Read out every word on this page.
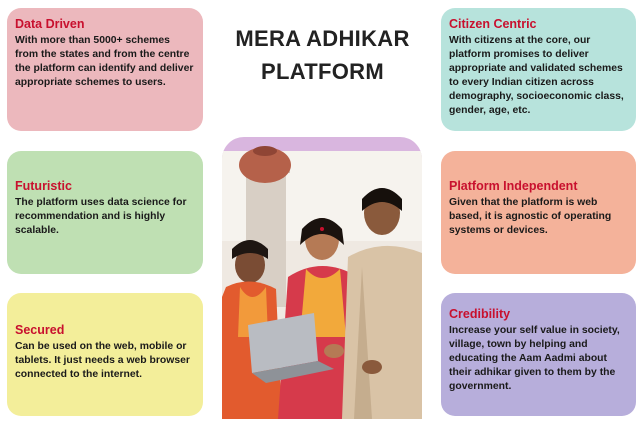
Data Driven
With more than 5000+ schemes from the states and from the centre the platform can identify and deliver appropriate schemes to users.
Futuristic
The platform uses data science for recommendation and is highly scalable.
Secured
Can be used on the web, mobile or tablets. It just needs a web browser connected to the internet.
MERA ADHIKAR
PLATFORM
Citizen Centric
With citizens at the core, our platform promises to deliver appropriate and validated schemes to every Indian citizen across demography, socioeconomic class, gender, age, etc.
Platform Independent
Given that the platform is web based, it is agnostic of operating systems or devices.
Credibility
Increase your self value in society, village, town by helping and educating the Aam Aadmi about their adhikar given to them by the government.
